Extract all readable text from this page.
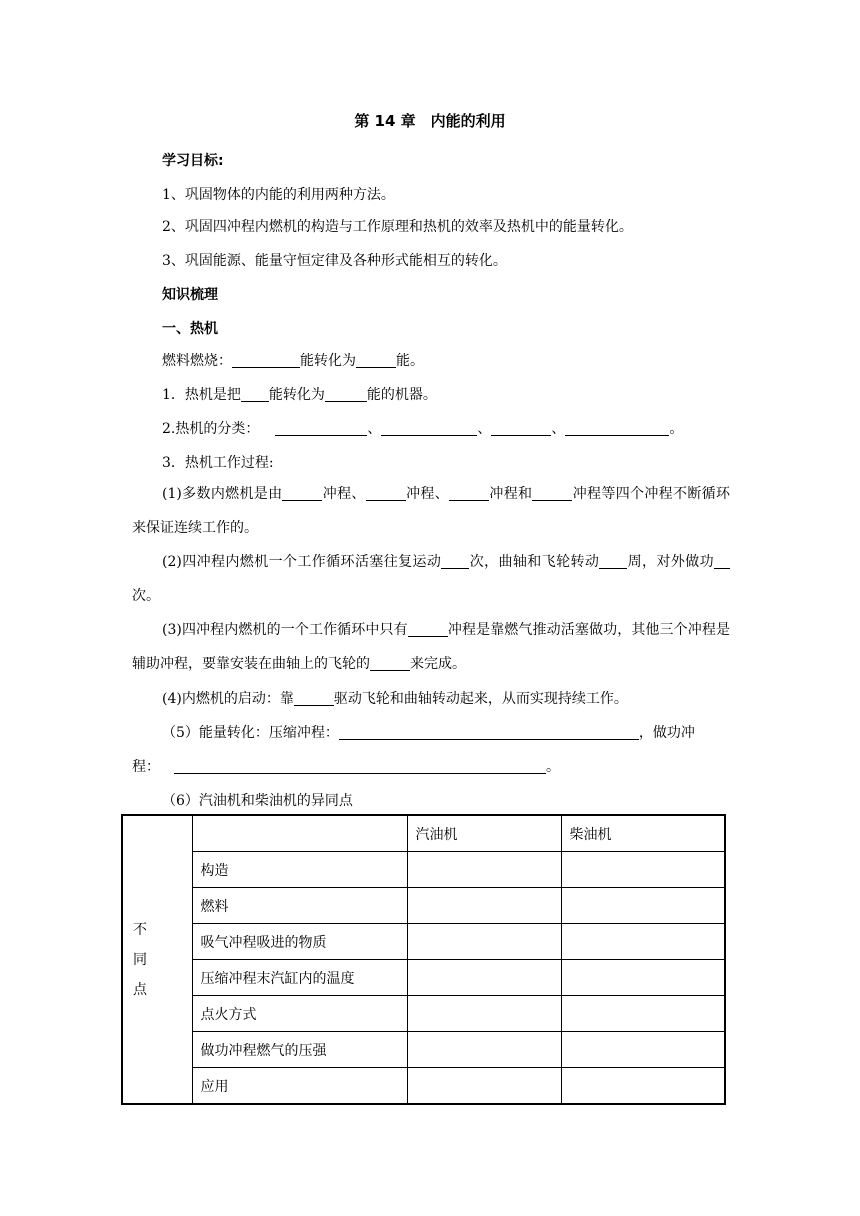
第 14 章　内能的利用
学习目标:
1、巩固物体的内能的利用两种方法。
2、巩固四冲程内燃机的构造与工作原理和热机的效率及热机中的能量转化。
3、巩固能源、能量守恒定律及各种形式能相互的转化。
知识梳理
一、热机
燃料燃烧：	能转化为	能。
1．热机是把 能转化为	能的机器。
2.热机的分类：	、	、	、	。
3．热机工作过程:
(1)多数内燃机是由	冲程、	冲程、	冲程和	冲程等四个冲程不断循环来保证连续工作的。
(2)四冲程内燃机一个工作循环活塞往复运动 次，曲轴和飞轮转动 周，对外做功次。
(3)四冲程内燃机的一个工作循环中只有	冲程是靠燃气推动活塞做功，其他三个冲程是辅助冲程，要靠安装在曲轴上的飞轮的	来完成。
(4)内燃机的启动：靠	驱动飞轮和曲轴转动起来，从而实现持续工作。
（5）能量转化：压缩冲程：	，做功冲
程：	。
（6）汽油机和柴油机的异同点
不
同
点		汽油机	柴油机
	构造		
	燃料		
	吸气冲程吸进的物质		
	压缩冲程末汽缸内的温度		
	点火方式		
	做功冲程燃气的压强		
	应用		
